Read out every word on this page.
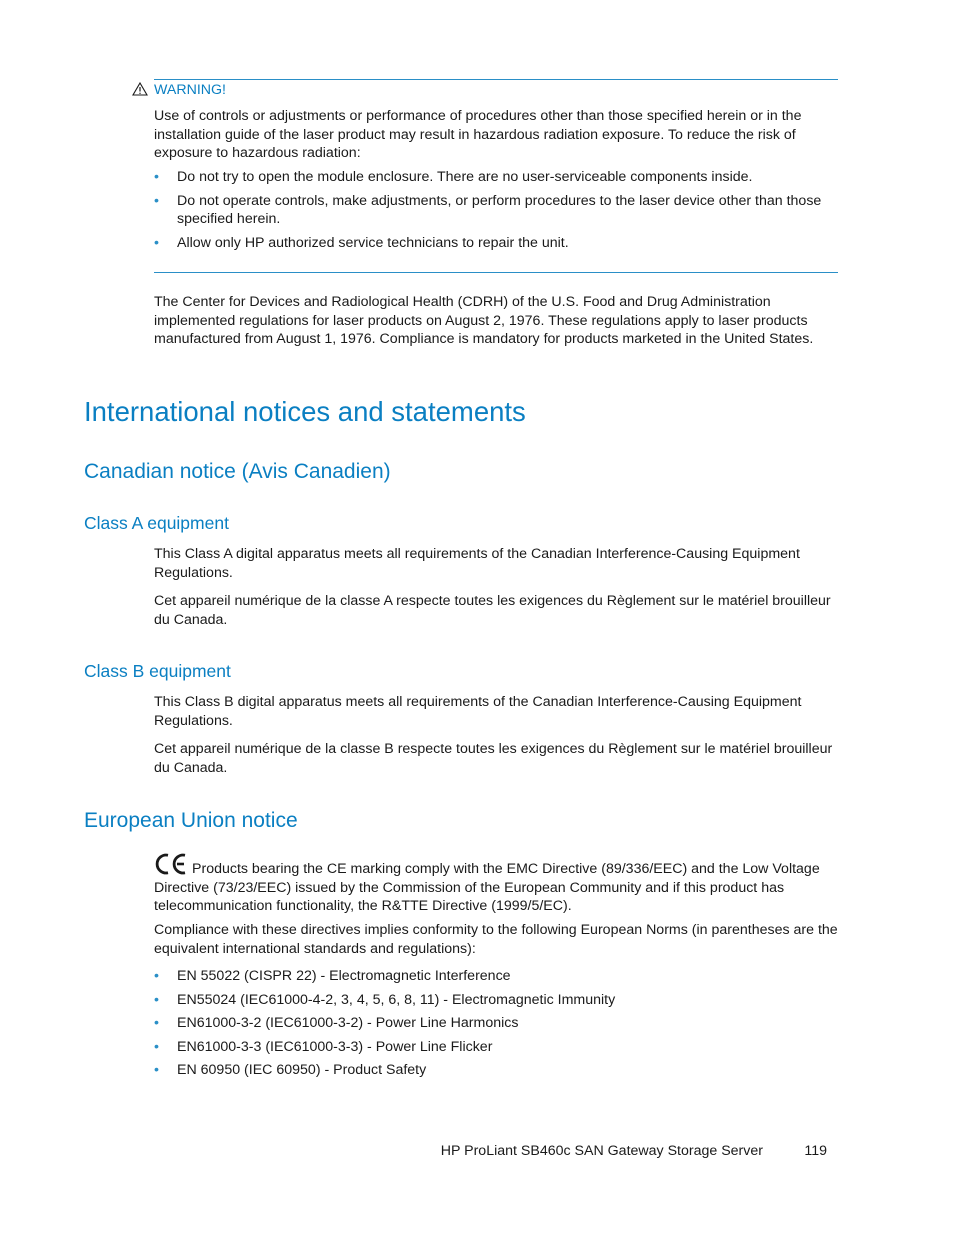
WARNING!

Use of controls or adjustments or performance of procedures other than those specified herein or in the installation guide of the laser product may result in hazardous radiation exposure. To reduce the risk of exposure to hazardous radiation:

• Do not try to open the module enclosure. There are no user-serviceable components inside.
• Do not operate controls, make adjustments, or perform procedures to the laser device other than those specified herein.
• Allow only HP authorized service technicians to repair the unit.

The Center for Devices and Radiological Health (CDRH) of the U.S. Food and Drug Administration implemented regulations for laser products on August 2, 1976. These regulations apply to laser products manufactured from August 1, 1976. Compliance is mandatory for products marketed in the United States.

International notices and statements
Canadian notice (Avis Canadien)
Class A equipment

This Class A digital apparatus meets all requirements of the Canadian Interference-Causing Equipment Regulations.

Cet appareil numérique de la classe A respecte toutes les exigences du Règlement sur le matériel brouilleur du Canada.

Class B equipment

This Class B digital apparatus meets all requirements of the Canadian Interference-Causing Equipment Regulations.

Cet appareil numérique de la classe B respecte toutes les exigences du Règlement sur le matériel brouilleur du Canada.

European Union notice

Products bearing the CE marking comply with the EMC Directive (89/336/EEC) and the Low Voltage Directive (73/23/EEC) issued by the Commission of the European Community and if this product has telecommunication functionality, the R&TTE Directive (1999/5/EC).

Compliance with these directives implies conformity to the following European Norms (in parentheses are the equivalent international standards and regulations):

• EN 55022 (CISPR 22) - Electromagnetic Interference
• EN55024 (IEC61000-4-2, 3, 4, 5, 6, 8, 11) - Electromagnetic Immunity
• EN61000-3-2 (IEC61000-3-2) - Power Line Harmonics
• EN61000-3-3 (IEC61000-3-3) - Power Line Flicker
• EN 60950 (IEC 60950) - Product Safety
HP ProLiant SB460c SAN Gateway Storage Server	119
